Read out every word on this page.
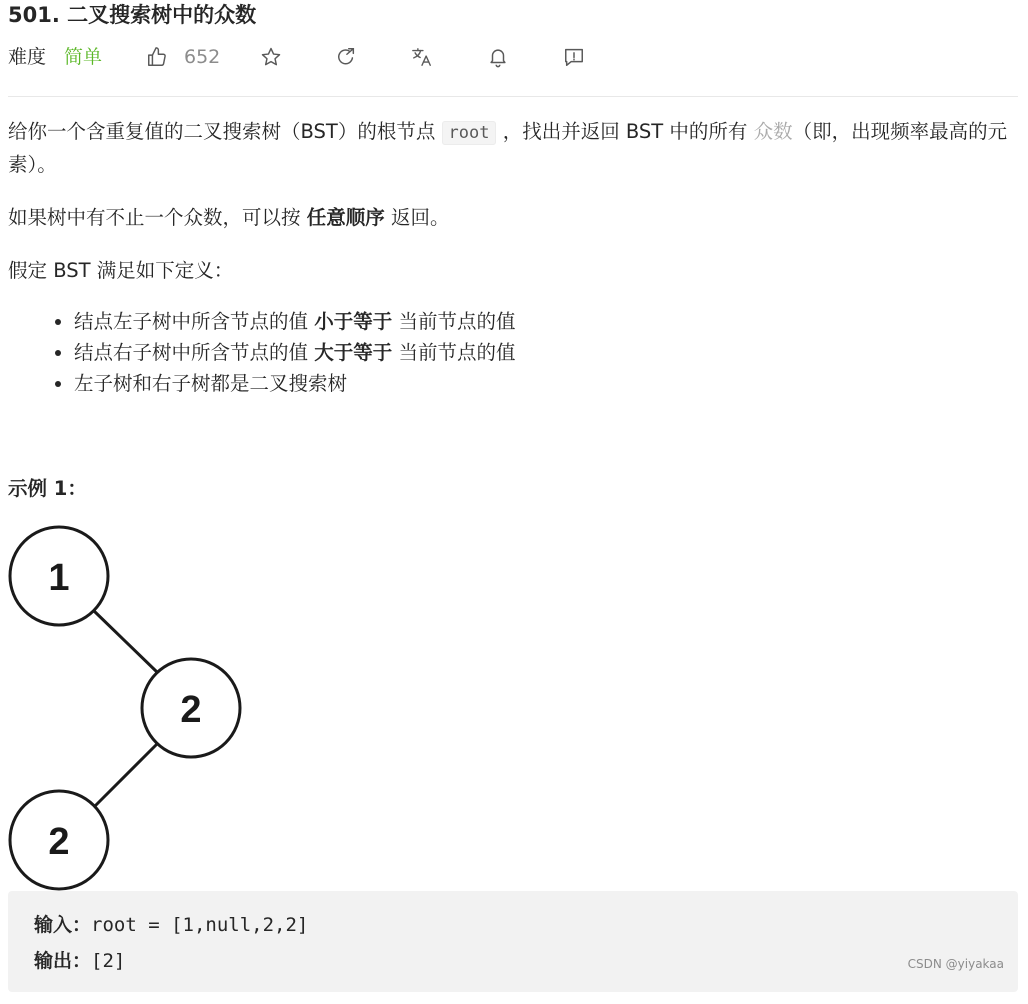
501. 二叉搜索树中的众数
难度 简单	652

给你一个含重复值的二叉搜索树（BST）的根节点 root ，找出并返回 BST 中的所有 众数（即，出现频率最高的元素）。

如果树中有不止一个众数，可以按 任意顺序 返回。

假定 BST 满足如下定义：

• 结点左子树中所含节点的值 小于等于 当前节点的值
• 结点右子树中所含节点的值 大于等于 当前节点的值
• 左子树和右子树都是二叉搜索树
示例 1：
1
2
2
输入：root = [1,null,2,2]
输出：[2]	CSDN @yiyakaa
